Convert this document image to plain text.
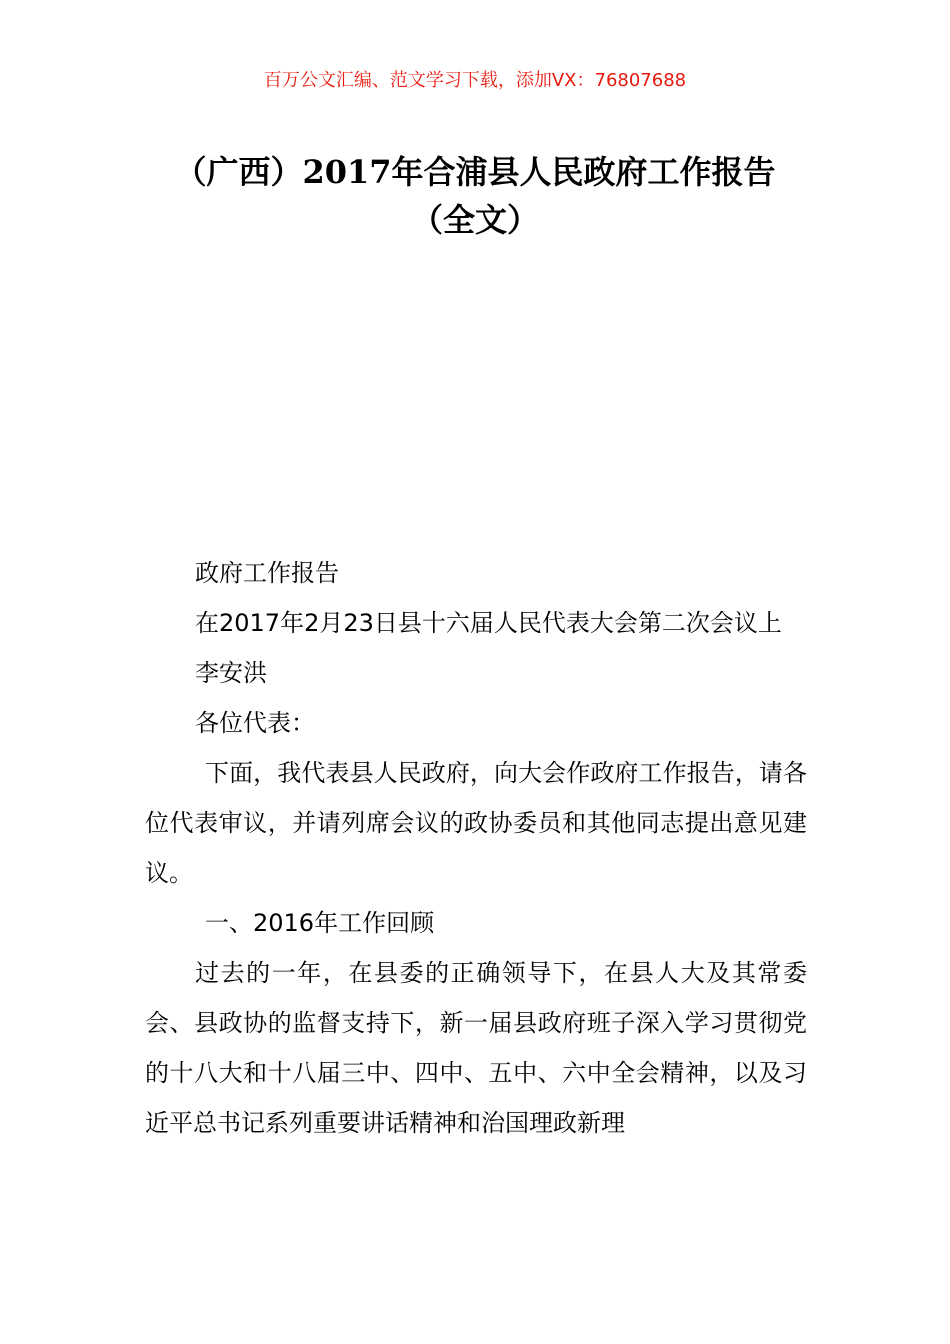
百万公文汇编、范文学习下载，添加VX：76807688
（广西）2017年合浦县人民政府工作报告
（全文）

政府工作报告

在2017年2月23日县十六届人民代表大会第二次会议上

李安洪

各位代表：

下面，我代表县人民政府，向大会作政府工作报告，请各位代表审议，并请列席会议的政协委员和其他同志提出意见建议。

一、2016年工作回顾

过去的一年，在县委的正确领导下，在县人大及其常委会、县政协的监督支持下，新一届县政府班子深入学习贯彻党的十八大和十八届三中、四中、五中、六中全会精神，以及习近平总书记系列重要讲话精神和治国理政新理
